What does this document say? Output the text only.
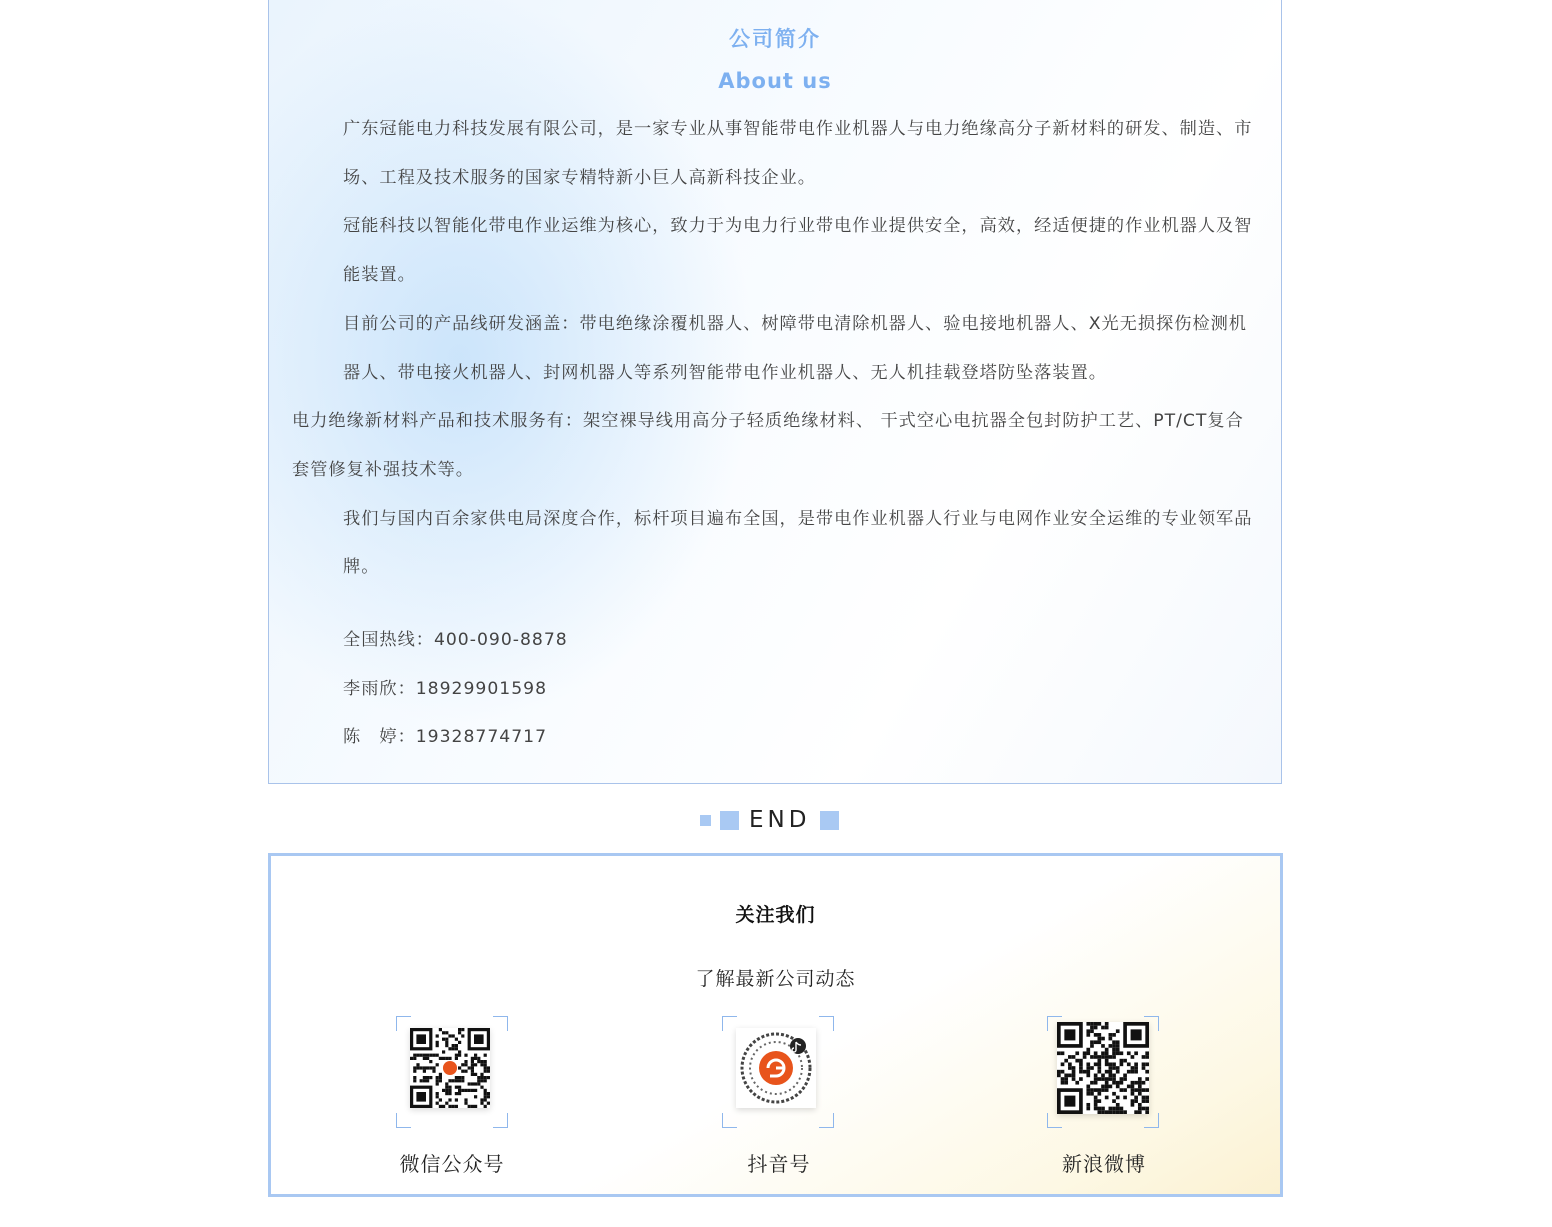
公司简介
About us

广东冠能电力科技发展有限公司，是一家专业从事智能带电作业机器人与电力绝缘高分子新材料的研发、制造、市场、工程及技术服务的国家专精特新小巨人高新科技企业。

冠能科技以智能化带电作业运维为核心，致力于为电力行业带电作业提供安全，高效，经适便捷的作业机器人及智能装置。

目前公司的产品线研发涵盖：带电绝缘涂覆机器人、树障带电清除机器人、验电接地机器人、X光无损探伤检测机器人、带电接火机器人、封网机器人等系列智能带电作业机器人、无人机挂载登塔防坠落装置。

电力绝缘新材料产品和技术服务有：架空裸导线用高分子轻质绝缘材料、 干式空心电抗器全包封防护工艺、PT/CT复合套管修复补强技术等。

我们与国内百余家供电局深度合作，标杆项目遍布全国，是带电作业机器人行业与电网作业安全运维的专业领军品牌。

全国热线：400-090-8878

李雨欣：18929901598

陈　婷：19328774717

END
关注我们
了解最新公司动态
微信公众号	抖音号	新浪微博
